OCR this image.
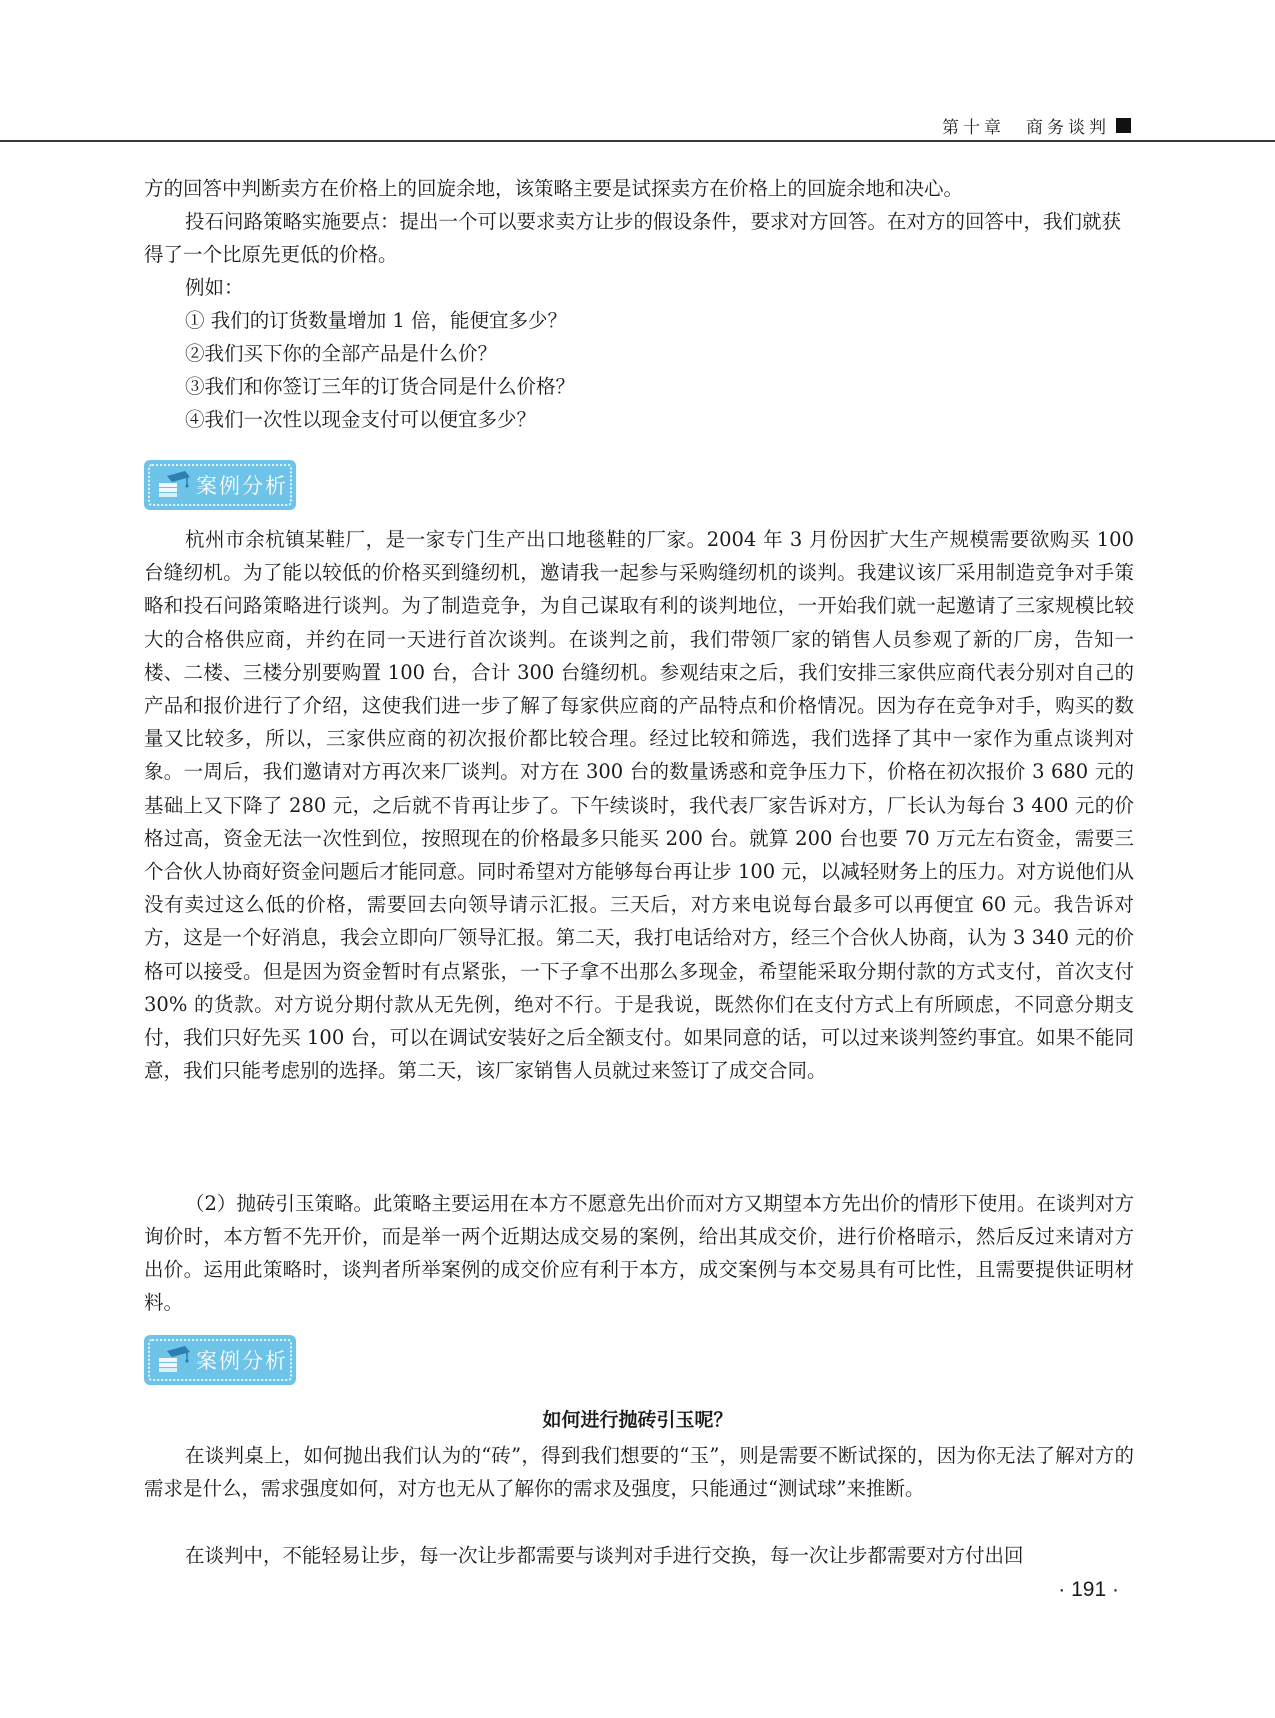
第十章　商务谈判
方的回答中判断卖方在价格上的回旋余地，该策略主要是试探卖方在价格上的回旋余地和决心。
投石问路策略实施要点：提出一个可以要求卖方让步的假设条件，要求对方回答。在对方的回答中，我们就获得了一个比原先更低的价格。
例如：
① 我们的订货数量增加 1 倍，能便宜多少？
②我们买下你的全部产品是什么价？
③我们和你签订三年的订货合同是什么价格？
④我们一次性以现金支付可以便宜多少？
案例分析
杭州市余杭镇某鞋厂，是一家专门生产出口地毯鞋的厂家。2004 年 3 月份因扩大生产规模需要欲购买 100 台缝纫机。为了能以较低的价格买到缝纫机，邀请我一起参与采购缝纫机的谈判。我建议该厂采用制造竞争对手策略和投石问路策略进行谈判。为了制造竞争，为自己谋取有利的谈判地位，一开始我们就一起邀请了三家规模比较大的合格供应商，并约在同一天进行首次谈判。在谈判之前，我们带领厂家的销售人员参观了新的厂房，告知一楼、二楼、三楼分别要购置 100 台，合计 300 台缝纫机。参观结束之后，我们安排三家供应商代表分别对自己的产品和报价进行了介绍，这使我们进一步了解了每家供应商的产品特点和价格情况。因为存在竞争对手，购买的数量又比较多，所以，三家供应商的初次报价都比较合理。经过比较和筛选，我们选择了其中一家作为重点谈判对象。一周后，我们邀请对方再次来厂谈判。对方在 300 台的数量诱惑和竞争压力下，价格在初次报价 3 680 元的基础上又下降了 280 元，之后就不肯再让步了。下午续谈时，我代表厂家告诉对方，厂长认为每台 3 400 元的价格过高，资金无法一次性到位，按照现在的价格最多只能买 200 台。就算 200 台也要 70 万元左右资金，需要三个合伙人协商好资金问题后才能同意。同时希望对方能够每台再让步 100 元，以减轻财务上的压力。对方说他们从没有卖过这么低的价格，需要回去向领导请示汇报。三天后，对方来电说每台最多可以再便宜 60 元。我告诉对方，这是一个好消息，我会立即向厂领导汇报。第二天，我打电话给对方，经三个合伙人协商，认为 3 340 元的价格可以接受。但是因为资金暂时有点紧张，一下子拿不出那么多现金，希望能采取分期付款的方式支付，首次支付 30% 的货款。对方说分期付款从无先例，绝对不行。于是我说，既然你们在支付方式上有所顾虑，不同意分期支付，我们只好先买 100 台，可以在调试安装好之后全额支付。如果同意的话，可以过来谈判签约事宜。如果不能同意，我们只能考虑别的选择。第二天，该厂家销售人员就过来签订了成交合同。
（2）抛砖引玉策略。此策略主要运用在本方不愿意先出价而对方又期望本方先出价的情形下使用。在谈判对方询价时，本方暂不先开价，而是举一两个近期达成交易的案例，给出其成交价，进行价格暗示，然后反过来请对方出价。运用此策略时，谈判者所举案例的成交价应有利于本方，成交案例与本交易具有可比性，且需要提供证明材料。
案例分析
如何进行抛砖引玉呢？
在谈判桌上，如何抛出我们认为的“砖”，得到我们想要的“玉”，则是需要不断试探的，因为你无法了解对方的需求是什么，需求强度如何，对方也无从了解你的需求及强度，只能通过“测试球”来推断。
在谈判中，不能轻易让步，每一次让步都需要与谈判对手进行交换，每一次让步都需要对方付出回
· 191 ·
